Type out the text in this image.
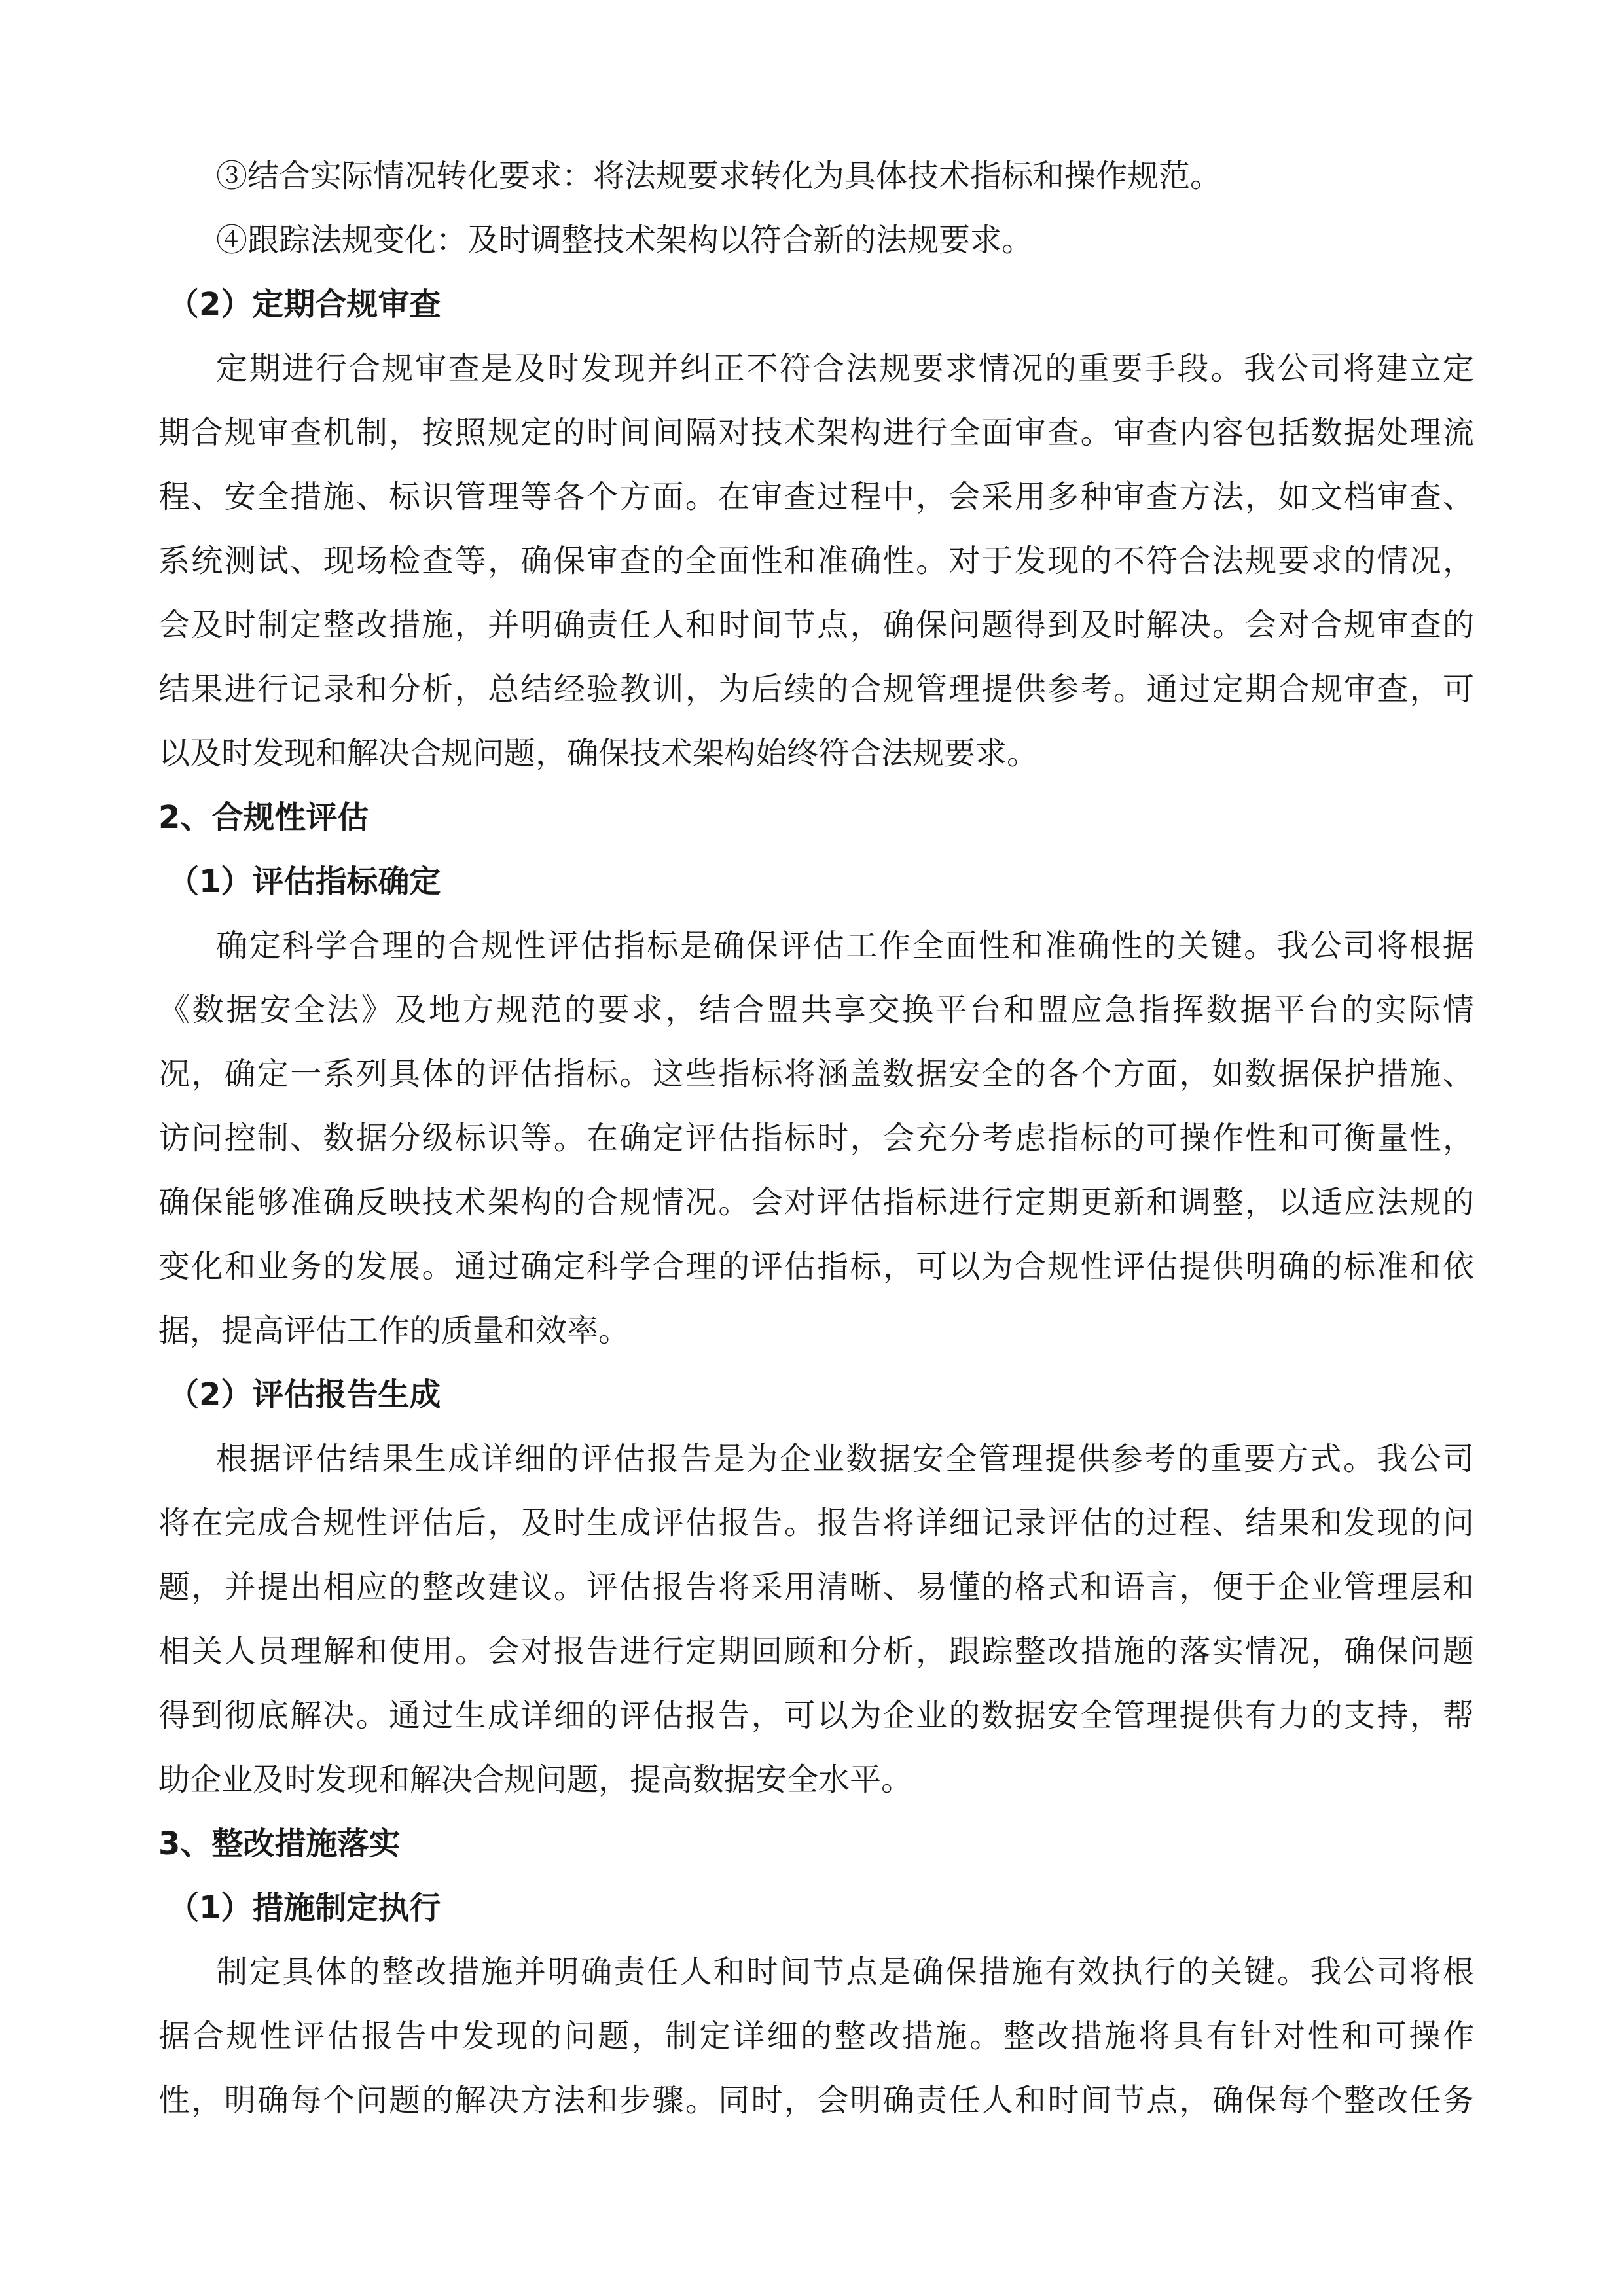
③结合实际情况转化要求：将法规要求转化为具体技术指标和操作规范。
④跟踪法规变化：及时调整技术架构以符合新的法规要求。
（2）定期合规审查
定期进行合规审查是及时发现并纠正不符合法规要求情况的重要手段。我公司将建立定
期合规审查机制，按照规定的时间间隔对技术架构进行全面审查。审查内容包括数据处理流
程、安全措施、标识管理等各个方面。在审查过程中，会采用多种审查方法，如文档审查、
系统测试、现场检查等，确保审查的全面性和准确性。对于发现的不符合法规要求的情况，
会及时制定整改措施，并明确责任人和时间节点，确保问题得到及时解决。会对合规审查的
结果进行记录和分析，总结经验教训，为后续的合规管理提供参考。通过定期合规审查，可
以及时发现和解决合规问题，确保技术架构始终符合法规要求。
2、合规性评估
（1）评估指标确定
确定科学合理的合规性评估指标是确保评估工作全面性和准确性的关键。我公司将根据
《数据安全法》及地方规范的要求，结合盟共享交换平台和盟应急指挥数据平台的实际情
况，确定一系列具体的评估指标。这些指标将涵盖数据安全的各个方面，如数据保护措施、
访问控制、数据分级标识等。在确定评估指标时，会充分考虑指标的可操作性和可衡量性，
确保能够准确反映技术架构的合规情况。会对评估指标进行定期更新和调整，以适应法规的
变化和业务的发展。通过确定科学合理的评估指标，可以为合规性评估提供明确的标准和依
据，提高评估工作的质量和效率。
（2）评估报告生成
根据评估结果生成详细的评估报告是为企业数据安全管理提供参考的重要方式。我公司
将在完成合规性评估后，及时生成评估报告。报告将详细记录评估的过程、结果和发现的问
题，并提出相应的整改建议。评估报告将采用清晰、易懂的格式和语言，便于企业管理层和
相关人员理解和使用。会对报告进行定期回顾和分析，跟踪整改措施的落实情况，确保问题
得到彻底解决。通过生成详细的评估报告，可以为企业的数据安全管理提供有力的支持，帮
助企业及时发现和解决合规问题，提高数据安全水平。
3、整改措施落实
（1）措施制定执行
制定具体的整改措施并明确责任人和时间节点是确保措施有效执行的关键。我公司将根
据合规性评估报告中发现的问题，制定详细的整改措施。整改措施将具有针对性和可操作
性，明确每个问题的解决方法和步骤。同时，会明确责任人和时间节点，确保每个整改任务
